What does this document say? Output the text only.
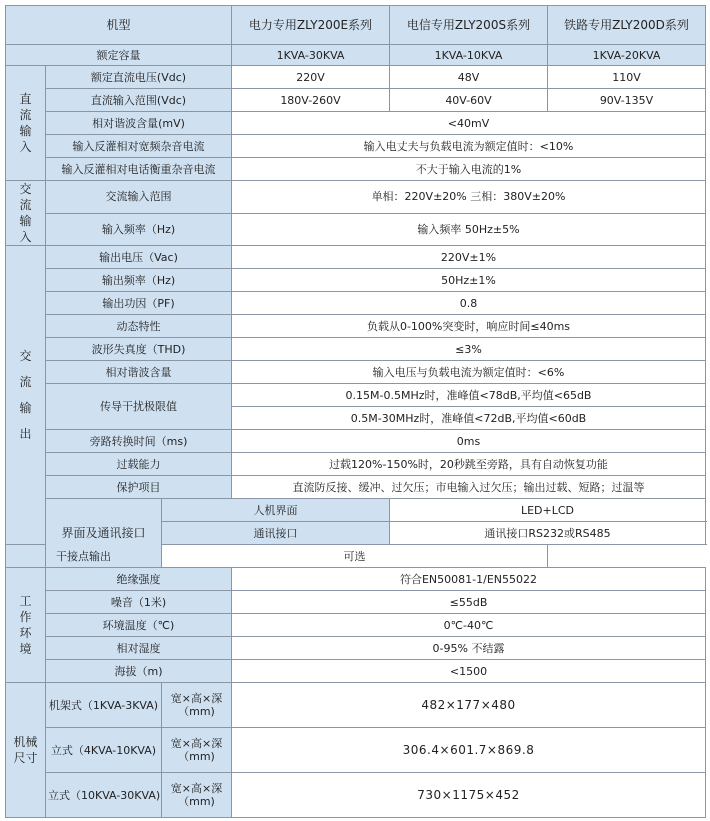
机型			电力专用ZLY200E系列	电信专用ZLY200S系列	铁路专用ZLY200D系列
额定容量			1KVA-30KVA	1KVA-10KVA	1KVA-20KVA
直流输入	额定直流电压(Vdc)		220V	48V	110V
	直流输入范围(Vdc)		180V-260V	40V-60V	90V-135V
	相对谐波含量(mV)		<40mV		
	输入反灌相对宽频杂音电流		输入电丈夫与负载电流为额定值时：<10%		
	输入反灌相对电话衡重杂音电流		不大于输入电流的1%		
交流输入	交流输入范围		单相：220V±20% 三相：380V±20%		
	输入频率（Hz)		输入频率 50Hz±5%		
交流输出	输出电压（Vac)		220V±1%		
	输出频率（Hz)		50Hz±1%		
	输出功因（PF)		0.8		
	动态特性		负载从0-100%突变时，响应时间≤40ms		
	波形失真度（THD)		≤3%		
	相对谐波含量		输入电压与负载电流为额定值时：<6%		
	传导干扰极限值		0.15M-0.5MHz时，准峰值<78dB,平均值<65dB		
			0.5M-30MHz时，准峰值<72dB,平均值<60dB		
	旁路转换时间（ms)		0ms		
	过载能力		过载120%-150%时，20秒跳至旁路，具有自动恢复功能		
	保护项目		直流防反接、缓冲、过欠压；市电输入过欠压；输出过载、短路；过温等		
	界面及通讯接口	人机界面		LED+LCD	
		通讯接口		通讯接口RS232或RS485	
干接点输出		可选			
工作环境	绝缘强度		符合EN50081-1/EN55022		
	噪音（1米)		≤55dB		
	环境温度（℃)		0℃-40℃		
	相对湿度		0-95% 不结露		
	海拔（m)		<1500		
机械尺寸	机架式（1KVA-3KVA)	宽×高×深（mm)	482×177×480		
	立式（4KVA-10KVA)	宽×高×深（mm)	306.4×601.7×869.8		
	立式（10KVA-30KVA)	宽×高×深（mm)	730×1175×452		
